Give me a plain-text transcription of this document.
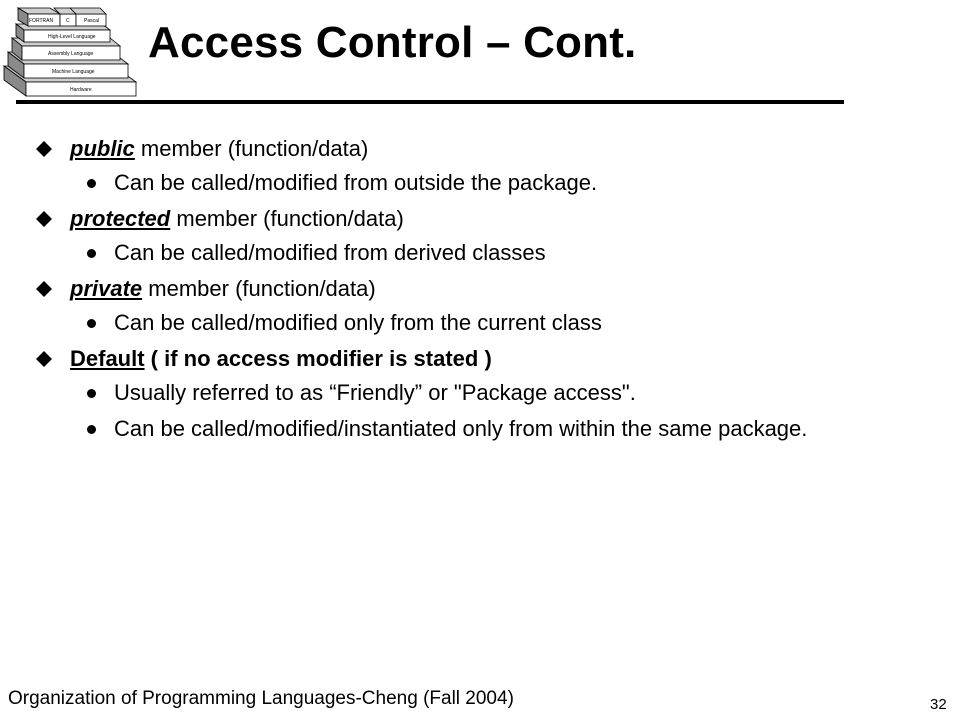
FORTRAN	C	Pascal
High-Level Language
Assembly Language
Machine Language
Hardware
Access Control – Cont.
public member (function/data)
Can be called/modified from outside the package.
protected member (function/data)
Can be called/modified from derived classes
private member (function/data)
Can be called/modified only from the current class
Default ( if no access modifier is stated )
Usually referred to as “Friendly” or "Package access".
Can be called/modified/instantiated only from within the same package.
Organization of Programming Languages-Cheng (Fall 2004)	32
